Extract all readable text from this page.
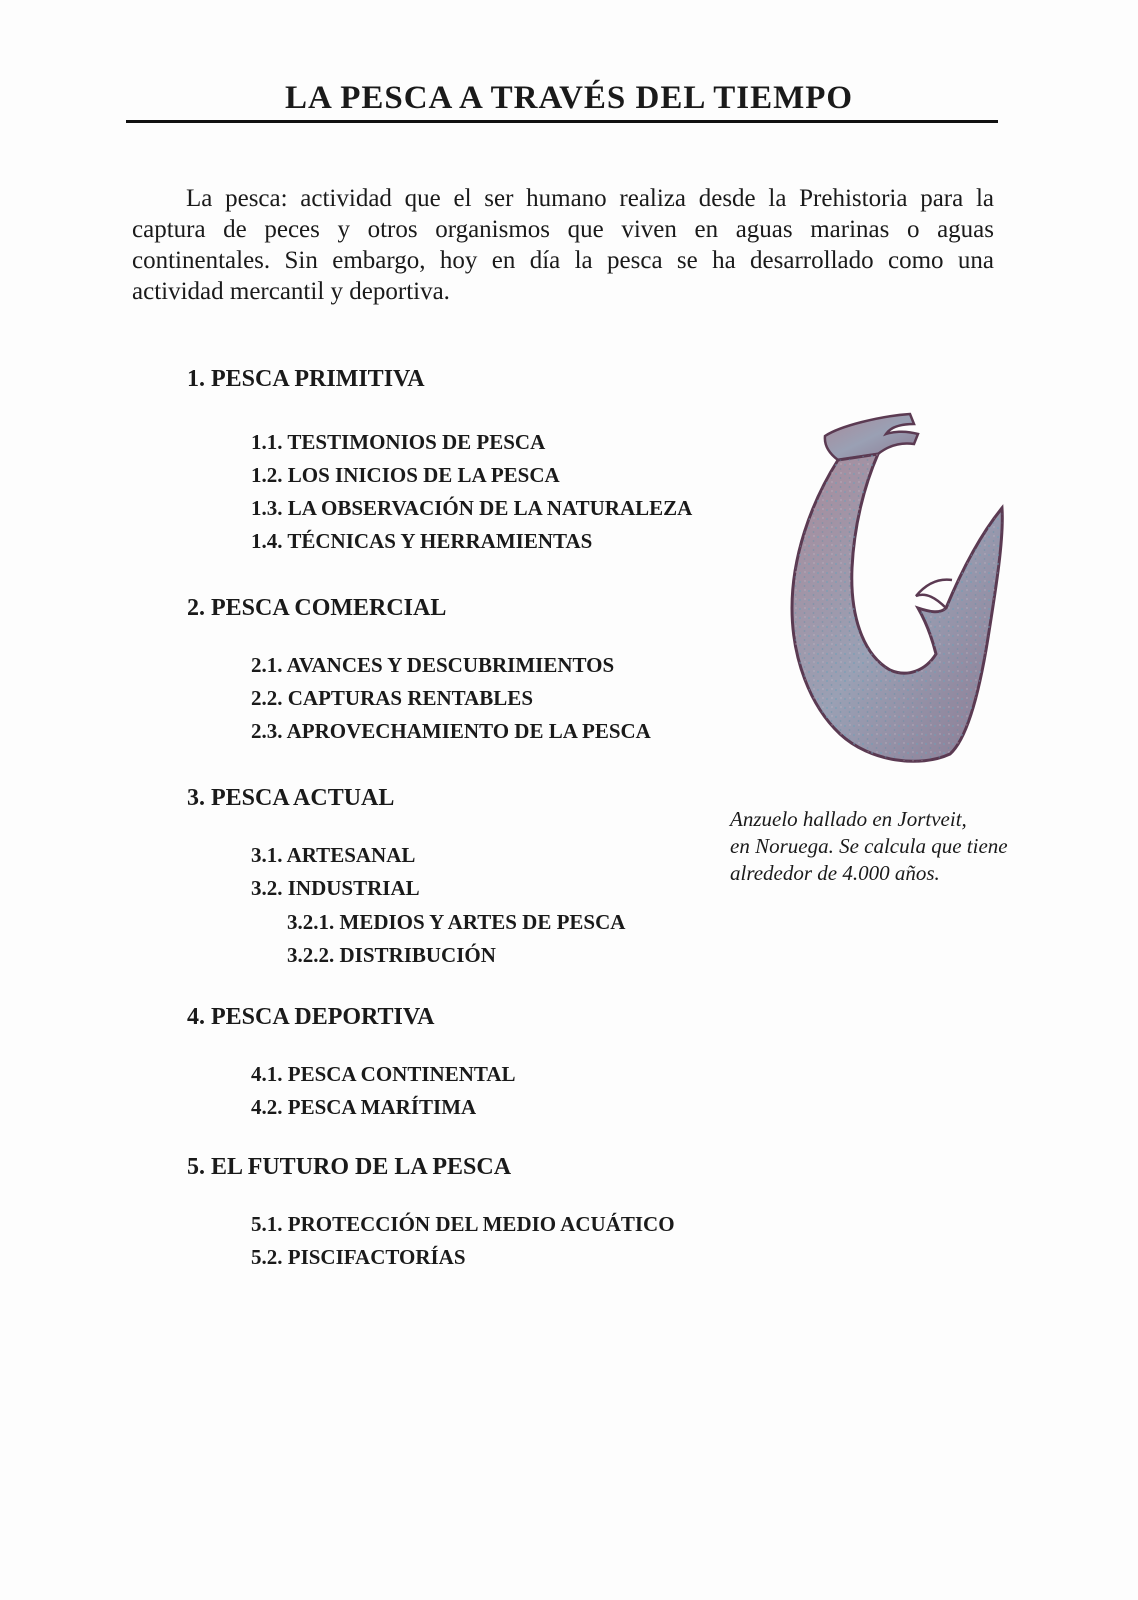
LA PESCA A TRAVÉS DEL TIEMPO

La pesca: actividad que el ser humano realiza desde la Prehistoria para la captura de peces y otros organismos que viven en aguas marinas o aguas continentales. Sin embargo, hoy en día la pesca se ha desarrollado como una actividad mercantil y deportiva.

1. PESCA PRIMITIVA
1.1. TESTIMONIOS DE PESCA
1.2. LOS INICIOS DE LA PESCA
1.3. LA OBSERVACIÓN DE LA NATURALEZA
1.4. TÉCNICAS Y HERRAMIENTAS
2. PESCA COMERCIAL
2.1. AVANCES Y DESCUBRIMIENTOS
2.2. CAPTURAS RENTABLES
2.3. APROVECHAMIENTO DE LA PESCA
3. PESCA ACTUAL
3.1. ARTESANAL
3.2. INDUSTRIAL
3.2.1. MEDIOS Y ARTES DE PESCA
3.2.2. DISTRIBUCIÓN
4. PESCA DEPORTIVA
4.1. PESCA CONTINENTAL
4.2. PESCA MARÍTIMA
5. EL FUTURO DE LA PESCA
5.1. PROTECCIÓN DEL MEDIO ACUÁTICO
5.2. PISCIFACTORÍAS

Anzuelo hallado en Jortveit,
en Noruega. Se calcula que tiene
alrededor de 4.000 años.
